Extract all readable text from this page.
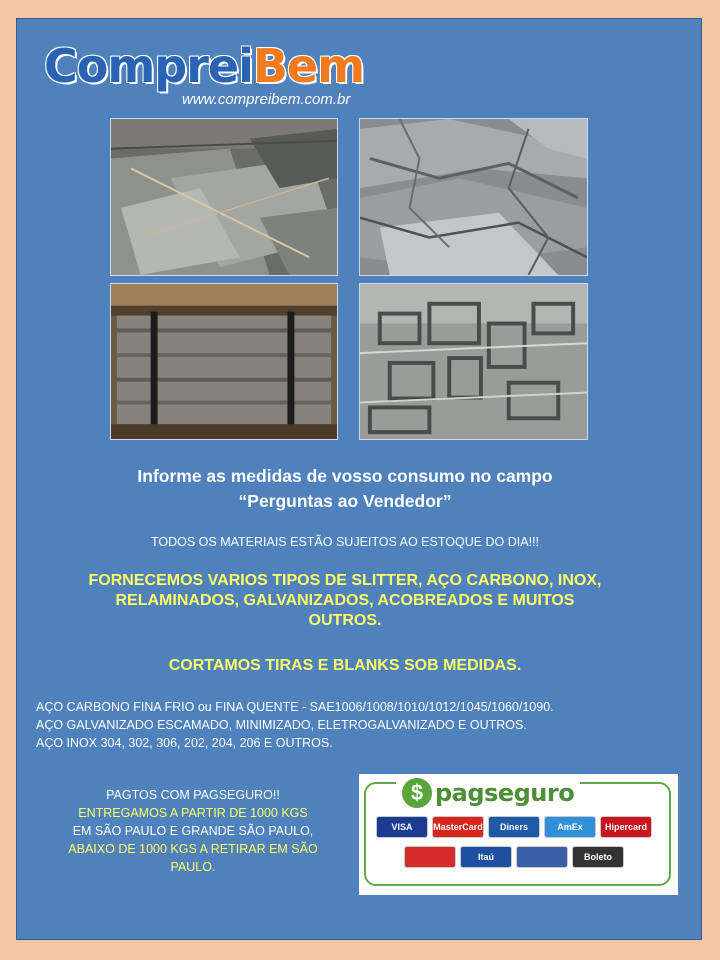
CompreiBem
www.compreibem.com.br
Informe as medidas de vosso consumo no campo
“Perguntas ao Vendedor”
TODOS OS MATERIAIS ESTÃO SUJEITOS AO ESTOQUE DO DIA!!!
FORNECEMOS VARIOS TIPOS DE SLITTER, AÇO CARBONO, INOX,
RELAMINADOS, GALVANIZADOS, ACOBREADOS E MUITOS
OUTROS.
CORTAMOS TIRAS E BLANKS SOB MEDIDAS.
AÇO CARBONO FINA FRIO ou FINA QUENTE - SAE1006/1008/1010/1012/1045/1060/1090.
AÇO GALVANIZADO ESCAMADO, MINIMIZADO, ELETROGALVANIZADO E OUTROS.
AÇO INOX 304, 302, 306, 202, 204, 206 E OUTROS.
PAGTOS COM PAGSEGURO!!
ENTREGAMOS A PARTIR DE 1000 KGS
EM SÃO PAULO E GRANDE SÃO PAULO,
ABAIXO DE 1000 KGS A RETIRAR EM SÃO
PAULO.
$ pagseguro
VISA	MasterCard	Diners	AmEx	Hipercard
Itaú	Boleto
